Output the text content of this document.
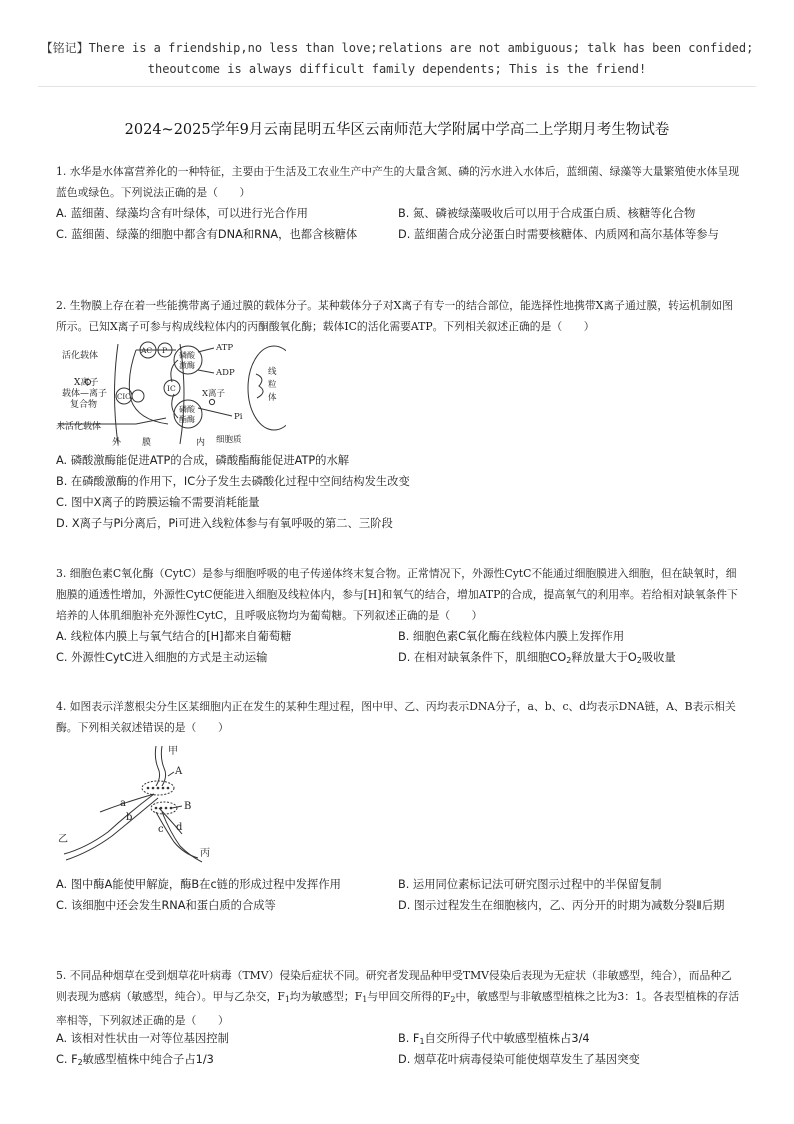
【铭记】There is a friendship,no less than love;relations are not ambiguous; talk has been confided; theoutcome is always difficult family dependents; This is the friend!
2024~2025学年9月云南昆明五华区云南师范大学附属中学高二上学期月考生物试卷
1. 水华是水体富营养化的一种特征，主要由于生活及工农业生产中产生的大量含氮、磷的污水进入水体后，蓝细菌、绿藻等大量繁殖使水体呈现蓝色或绿色。下列说法正确的是（　　）
A. 蓝细菌、绿藻均含有叶绿体，可以进行光合作用	B. 氮、磷被绿藻吸收后可以用于合成蛋白质、核糖等化合物
C. 蓝细菌、绿藻的细胞中都含有DNA和RNA，也都含核糖体	D. 蓝细菌合成分泌蛋白时需要核糖体、内质网和高尔基体等参与
2. 生物膜上存在着一些能携带离子通过膜的载体分子。某种载体分子对X离子有专一的结合部位，能选择性地携带X离子通过膜，转运机制如图所示。已知X离子可参与构成线粒体内的丙酮酸氧化酶；载体IC的活化需要ATP。下列相关叙述正确的是（　　）
活化载体
X离子
载体—离子
复合物
未活化载体
外 膜	内 细胞质
AC P
IC
CIC
磷酸
激酶
磷酸
酯酶
ATP
ADP
X离子
Pi
线
粒
体
A. 磷酸激酶能促进ATP的合成，磷酸酯酶能促进ATP的水解
B. 在磷酸激酶的作用下，IC分子发生去磷酸化过程中空间结构发生改变
C. 图中X离子的跨膜运输不需要消耗能量
D. X离子与Pi分离后，Pi可进入线粒体参与有氧呼吸的第二、三阶段
3. 细胞色素C氧化酶（CytC）是参与细胞呼吸的电子传递体终末复合物。正常情况下，外源性CytC不能通过细胞膜进入细胞，但在缺氧时，细胞膜的通透性增加，外源性CytC便能进入细胞及线粒体内，参与[H]和氧气的结合，增加ATP的合成，提高氧气的利用率。若给相对缺氧条件下培养的人体肌细胞补充外源性CytC，且呼吸底物均为葡萄糖。下列叙述正确的是（　　）
A. 线粒体内膜上与氧气结合的[H]都来自葡萄糖	B. 细胞色素C氧化酶在线粒体内膜上发挥作用
C. 外源性CytC进入细胞的方式是主动运输	D. 在相对缺氧条件下，肌细胞$CO_2$释放量大于$O_2$吸收量
4. 如图表示洋葱根尖分生区某细胞内正在发生的某种生理过程，图中甲、乙、丙均表示DNA分子，a、b、c、d均表示DNA链，A、B表示相关酶。下列相关叙述错误的是（　　）
甲
A
B
a
b
c d
乙
丙
A. 图中酶A能使甲解旋，酶B在c链的形成过程中发挥作用	B. 运用同位素标记法可研究图示过程中的半保留复制
C. 该细胞中还会发生RNA和蛋白质的合成等	D. 图示过程发生在细胞核内，乙、丙分开的时期为减数分裂Ⅱ后期
5. 不同品种烟草在受到烟草花叶病毒（TMV）侵染后症状不同。研究者发现品种甲受TMV侵染后表现为无症状（非敏感型，纯合），而品种乙则表现为感病（敏感型，纯合）。甲与乙杂交，$F_1$均为敏感型；$F_1$与甲回交所得的$F_2$中，敏感型与非敏感型植株之比为3：1。各表型植株的存活率相等，下列叙述正确的是（　　）
A. 该相对性状由一对等位基因控制	B. $F_1$自交所得子代中敏感型植株占3/4
C. $F_2$敏感型植株中纯合子占1/3	D. 烟草花叶病毒侵染可能使烟草发生了基因突变
